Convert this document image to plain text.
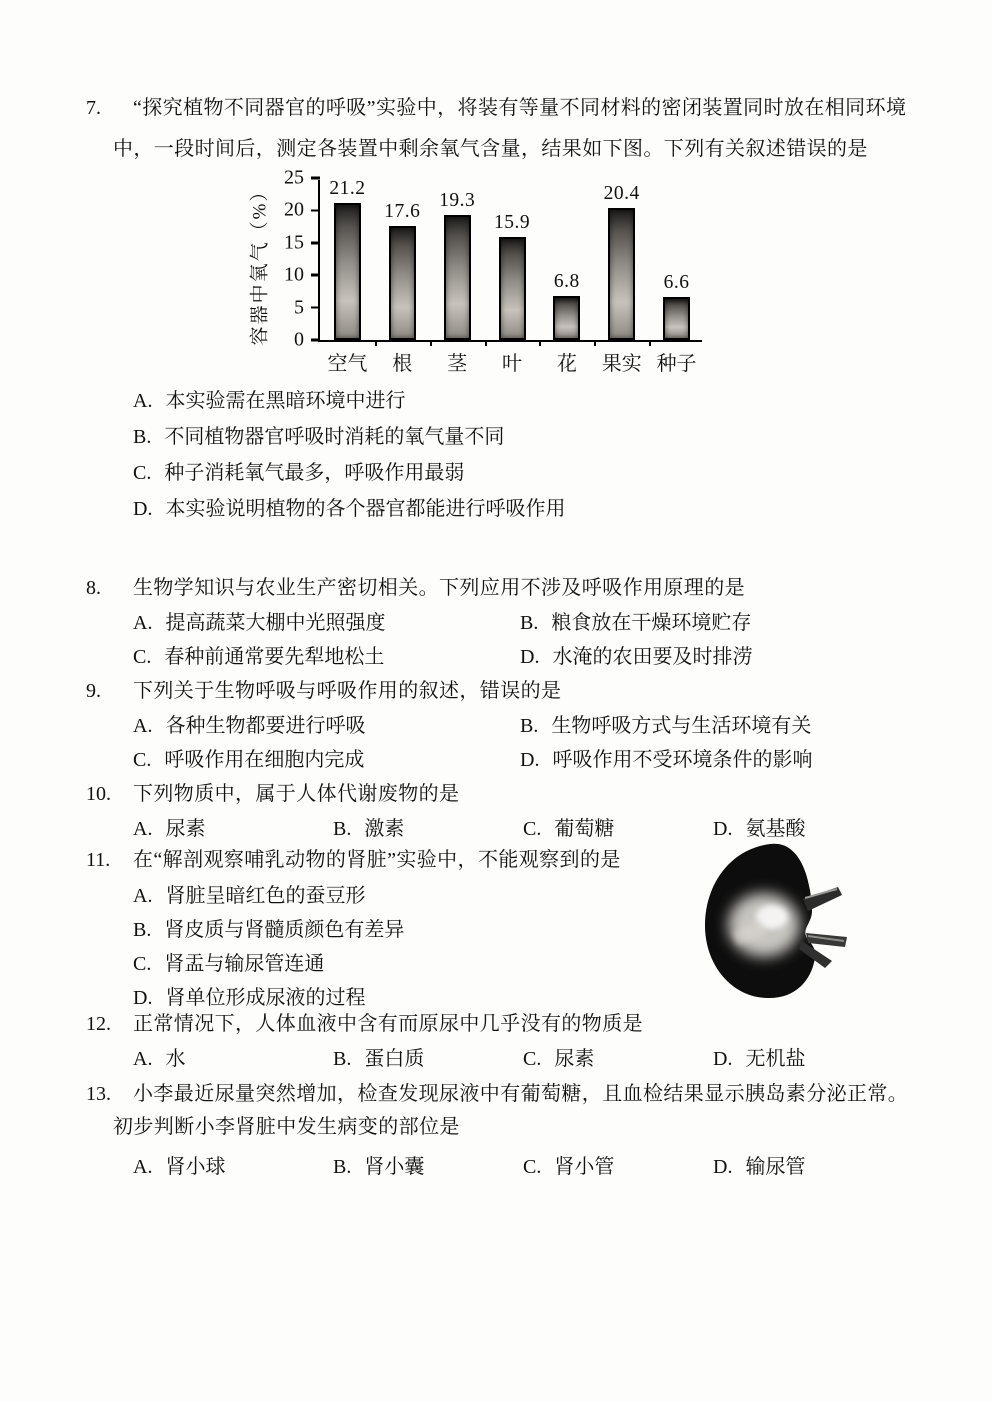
7.	“探究植物不同器官的呼吸”实验中，将装有等量不同材料的密闭装置同时放在相同环境中，一段时间后，测定各装置中剩余氧气含量，结果如下图。下列有关叙述错误的是
容器中氧气（%）	0
5
10
15
20
25	21.2
空气
17.6
根
19.3
茎
15.9
叶
6.8
花
20.4
果实
6.6
种子
A. 本实验需在黑暗环境中进行
B. 不同植物器官呼吸时消耗的氧气量不同
C. 种子消耗氧气最多，呼吸作用最弱
D. 本实验说明植物的各个器官都能进行呼吸作用
8.	生物学知识与农业生产密切相关。下列应用不涉及呼吸作用原理的是
A. 提高蔬菜大棚中光照强度	B. 粮食放在干燥环境贮存
C. 春种前通常要先犁地松土	D. 水淹的农田要及时排涝
9.	下列关于生物呼吸与呼吸作用的叙述，错误的是
A. 各种生物都要进行呼吸	B. 生物呼吸方式与生活环境有关
C. 呼吸作用在细胞内完成	D. 呼吸作用不受环境条件的影响
10.	下列物质中，属于人体代谢废物的是
A. 尿素	B. 激素	C. 葡萄糖	D. 氨基酸
11.	在“解剖观察哺乳动物的肾脏”实验中，不能观察到的是
A. 肾脏呈暗红色的蚕豆形
B. 肾皮质与肾髓质颜色有差异
C. 肾盂与输尿管连通
D. 肾单位形成尿液的过程
12.	正常情况下，人体血液中含有而原尿中几乎没有的物质是
A. 水	B. 蛋白质	C. 尿素	D. 无机盐
13.	小李最近尿量突然增加，检查发现尿液中有葡萄糖，且血检结果显示胰岛素分泌正常。初步判断小李肾脏中发生病变的部位是
A. 肾小球	B. 肾小囊	C. 肾小管	D. 输尿管
